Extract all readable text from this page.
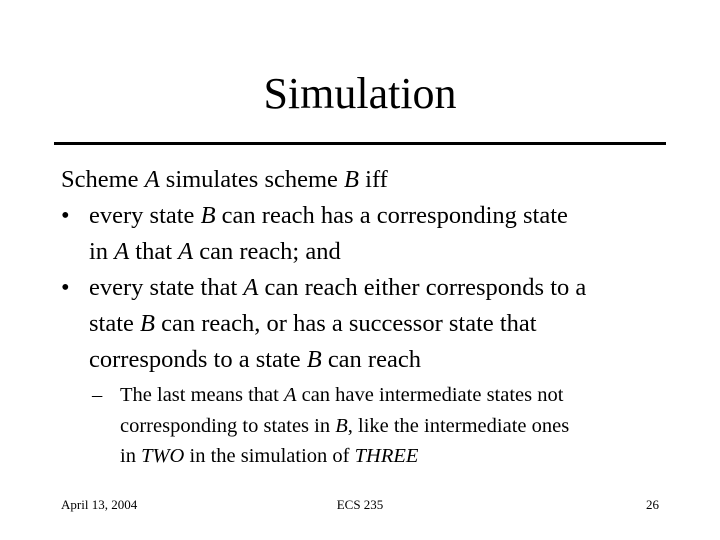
Simulation
Scheme A simulates scheme B iff
• every state B can reach has a corresponding state
in A that A can reach; and
• every state that A can reach either corresponds to a
state B can reach, or has a successor state that
corresponds to a state B can reach
– The last means that A can have intermediate states not
corresponding to states in B, like the intermediate ones
in TWO in the simulation of THREE
April 13, 2004	ECS 235	26
